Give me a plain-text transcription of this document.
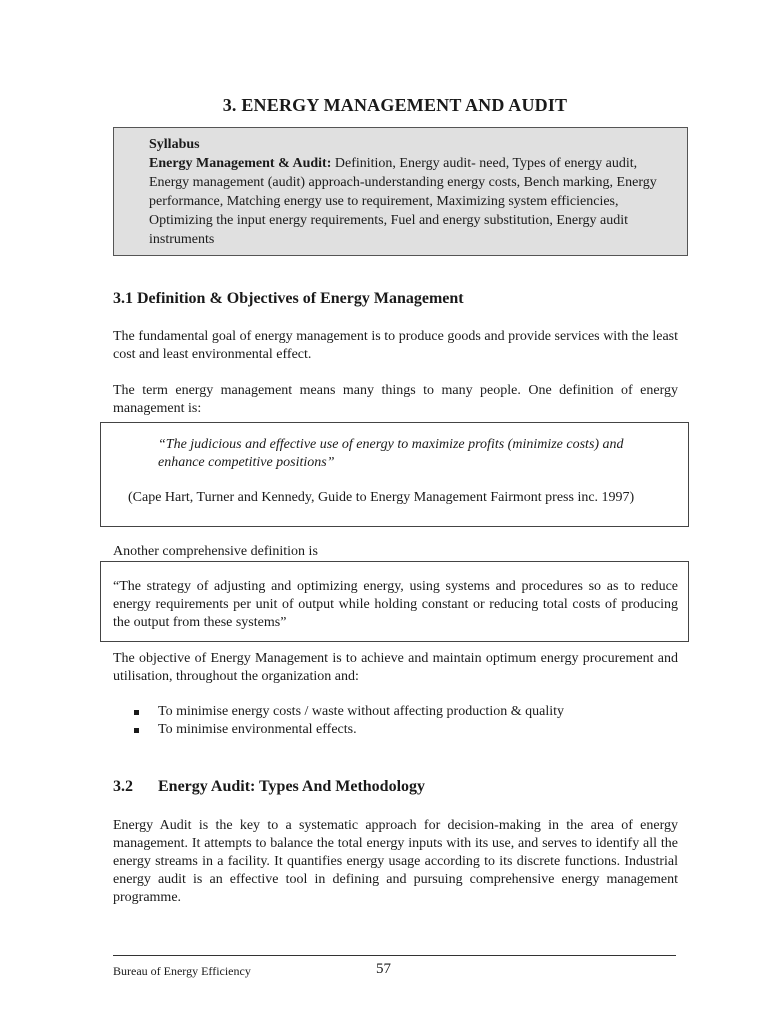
3. ENERGY MANAGEMENT AND AUDIT
Syllabus
Energy Management & Audit: Definition, Energy audit- need, Types of energy audit, Energy management (audit) approach-understanding energy costs, Bench marking, Energy performance, Matching energy use to requirement, Maximizing system efficiencies, Optimizing the input energy requirements, Fuel and energy substitution, Energy audit instruments
3.1 Definition & Objectives of Energy Management
The fundamental goal of energy management is to produce goods and provide services with the least cost and least environmental effect.
The term energy management means many things to many people. One definition of energy management is:
“The judicious and effective use of energy to maximize profits (minimize costs) and enhance competitive positions”
(Cape Hart, Turner and Kennedy, Guide to Energy Management Fairmont press inc. 1997)
Another comprehensive definition is
“The strategy of adjusting and optimizing energy, using systems and procedures so as to reduce energy requirements per unit of output while holding constant or reducing total costs of producing the output from these systems”
The objective of Energy Management is to achieve and maintain optimum energy procurement and utilisation, throughout the organization and:
To minimise energy costs / waste without affecting production & quality
To minimise environmental effects.
3.2 Energy Audit: Types And Methodology
Energy Audit is the key to a systematic approach for decision-making in the area of energy management. It attempts to balance the total energy inputs with its use, and serves to identify all the energy streams in a facility. It quantifies energy usage according to its discrete functions. Industrial energy audit is an effective tool in defining and pursuing comprehensive energy management programme.
Bureau of Energy Efficiency	57
